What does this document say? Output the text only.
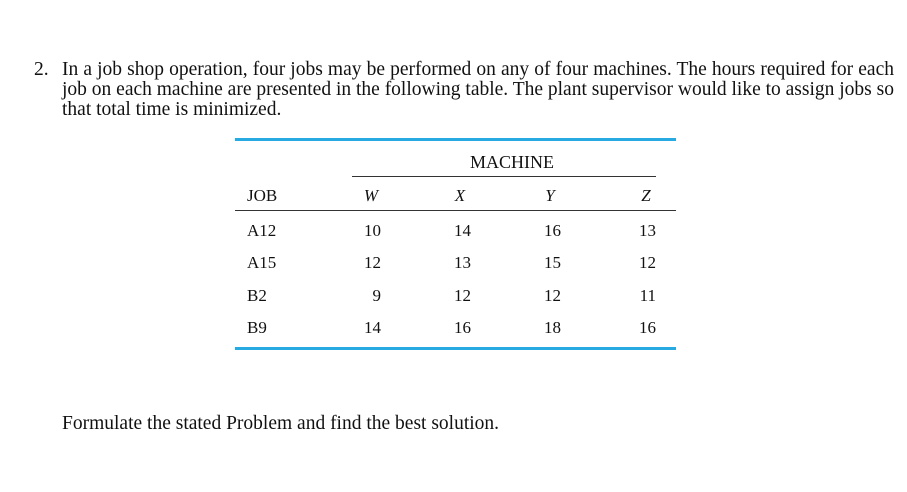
2. In a job shop operation, four jobs may be performed on any of four machines. The hours required for each job on each machine are presented in the following table. The plant supervisor would like to assign jobs so that total time is minimized.
MACHINE
JOB	W	X	Y	Z
A12	10	14	16	13
A15	12	13	15	12
B2	9	12	12	11
B9	14	16	18	16
Formulate the stated Problem and find the best solution.
